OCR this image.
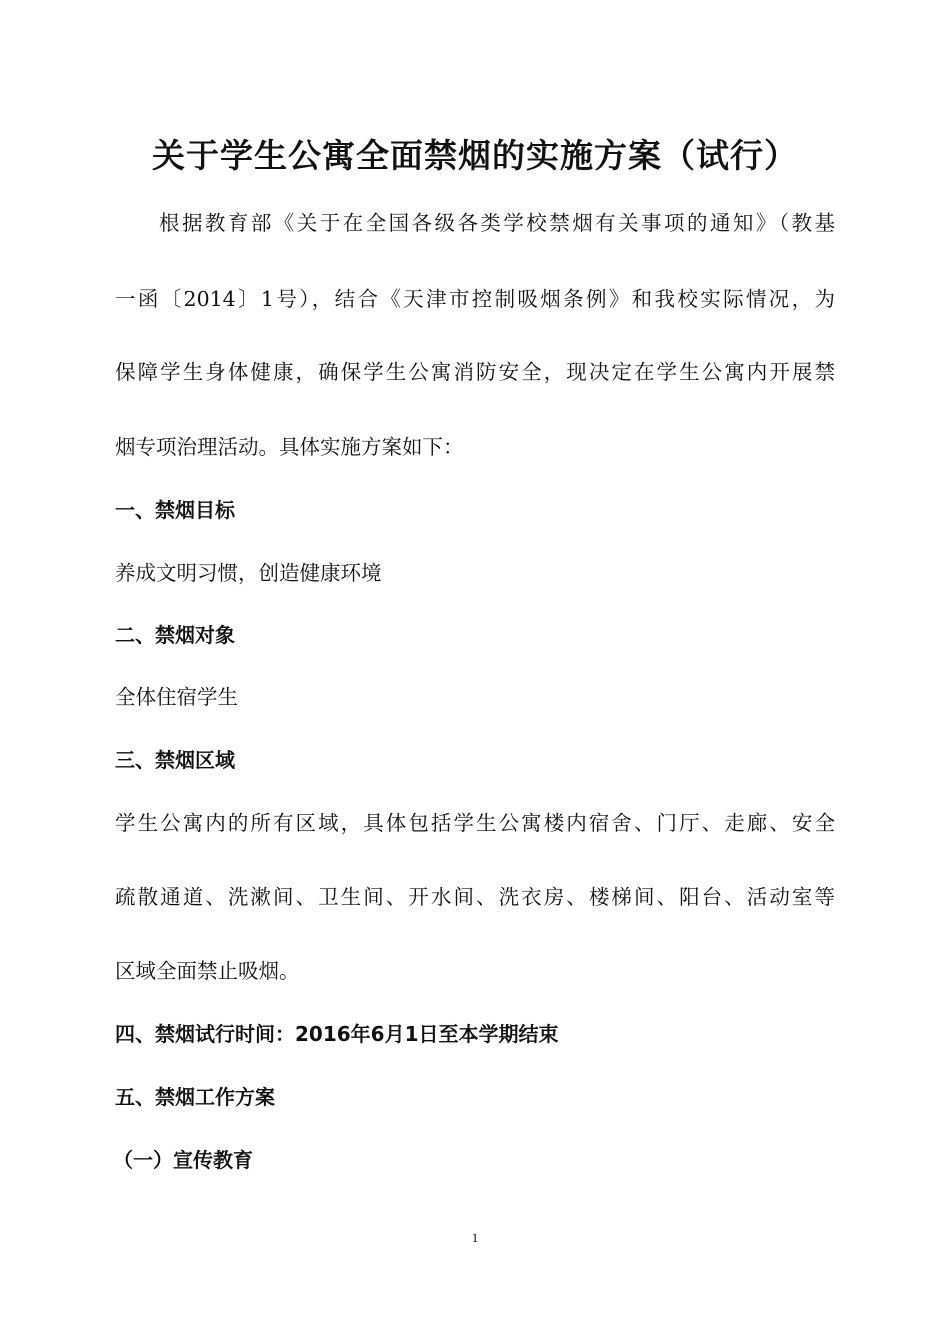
关于学生公寓全面禁烟的实施方案（试行）

根据教育部《关于在全国各级各类学校禁烟有关事项的通知》（教基

一函〔2014〕1号），结合《天津市控制吸烟条例》和我校实际情况，为

保障学生身体健康，确保学生公寓消防安全，现决定在学生公寓内开展禁

烟专项治理活动。具体实施方案如下：

一、禁烟目标

养成文明习惯，创造健康环境

二、禁烟对象

全体住宿学生

三、禁烟区域

学生公寓内的所有区域，具体包括学生公寓楼内宿舍、门厅、走廊、安全

疏散通道、洗漱间、卫生间、开水间、洗衣房、楼梯间、阳台、活动室等

区域全面禁止吸烟。

四、禁烟试行时间：2016年6月1日至本学期结束

五、禁烟工作方案

（一）宣传教育

1
